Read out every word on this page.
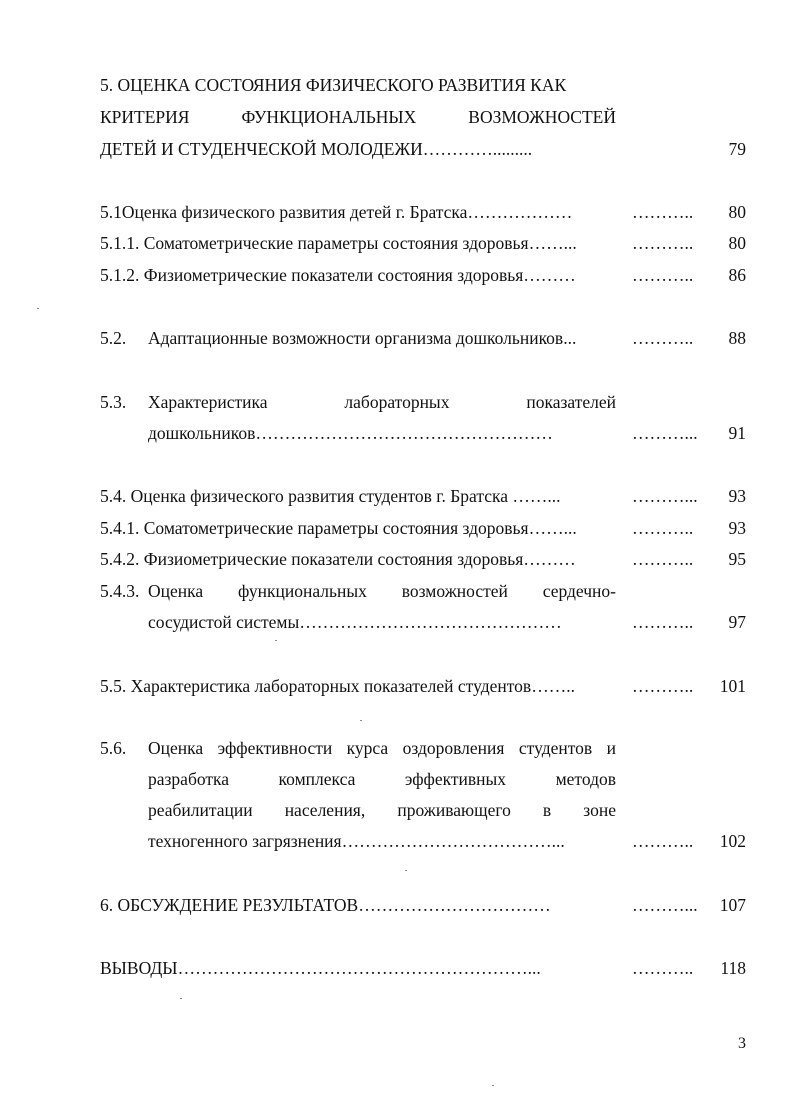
5. ОЦЕНКА СОСТОЯНИЯ ФИЗИЧЕСКОГО РАЗВИТИЯ КАК
КРИТЕРИЯ ФУНКЦИОНАЛЬНЫХ ВОЗМОЖНОСТЕЙ
ДЕТЕЙ И СТУДЕНЧЕСКОЙ МОЛОДЕЖИ………….........	79
5.1Оценка физического развития детей г. Братска………………	………..	80
5.1.1. Соматометрические параметры состояния здоровья……...	………..	80
5.1.2. Физиометрические показатели состояния здоровья………	………..	86
5.2.	Адаптационные возможности организма дошкольников...	………..	88
5.3.	Характеристика лабораторных показателей
дошкольников……………………………………………	………...	91
5.4. Оценка физического развития студентов г. Братска ……...	………...	93
5.4.1. Соматометрические параметры состояния здоровья……...	………..	93
5.4.2. Физиометрические показатели состояния здоровья………	………..	95
5.4.3. Оценка функциональных возможностей сердечно-
сосудистой системы………………………………………	………..	97
5.5. Характеристика лабораторных показателей студентов……..	………..	101
5.6.	Оценка эффективности курса оздоровления студентов и
разработка комплекса эффективных методов
реабилитации населения, проживающего в зоне
техногенного загрязнения………………………………...	………..	102
6. ОБСУЖДЕНИЕ РЕЗУЛЬТАТОВ……………………………	………...	107
ВЫВОДЫ……………………………………………………...	………..	118
3
